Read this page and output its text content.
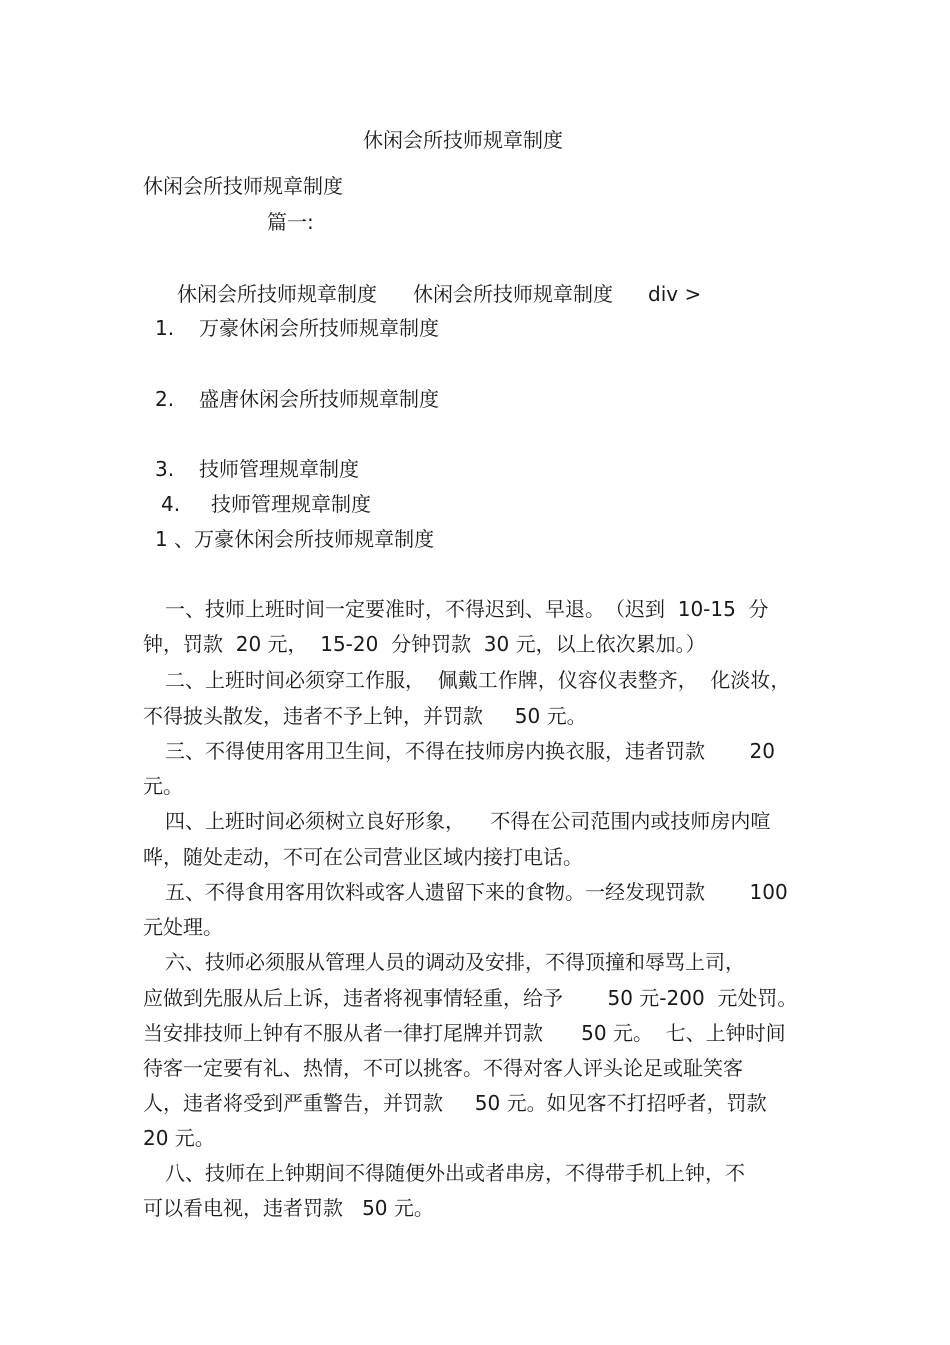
休闲会所技师规章制度
休闲会所技师规章制度
篇一:
休闲会所技师规章制度 休闲会所技师规章制度 div >
1. 万豪休闲会所技师规章制度
2. 盛唐休闲会所技师规章制度
3. 技师管理规章制度
4. 技师管理规章制度
1 、万豪休闲会所技师规章制度
一、技师上班时间一定要准时，不得迟到、早退。　（迟到  10-15  分
钟，罚款  20 元，  15-20  分钟罚款  30 元，以上依次累加。）
二、上班时间必须穿工作服，  佩戴工作牌，仪容仪表整齐，  化淡妆，
不得披头散发，违者不予上钟，并罚款     50 元。
三、不得使用客用卫生间，不得在技师房内换衣服，违者罚款       20
元。
四、上班时间必须树立良好形象，    不得在公司范围内或技师房内喧
哗，随处走动，不可在公司营业区域内接打电话。
五、不得食用客用饮料或客人遗留下来的食物。一经发现罚款       100
元处理。
六、技师必须服从管理人员的调动及安排，不得顶撞和辱骂上司，
应做到先服从后上诉，违者将视事情轻重，给予       50 元-200  元处罚。
当安排技师上钟有不服从者一律打尾牌并罚款      50 元。  七、上钟时间
待客一定要有礼、热情，不可以挑客。不得对客人评头论足或耻笑客
人，违者将受到严重警告，并罚款     50 元。如见客不打招呼者，罚款
20 元。
八、技师在上钟期间不得随便外出或者串房，不得带手机上钟，不
可以看电视，违者罚款   50 元。
